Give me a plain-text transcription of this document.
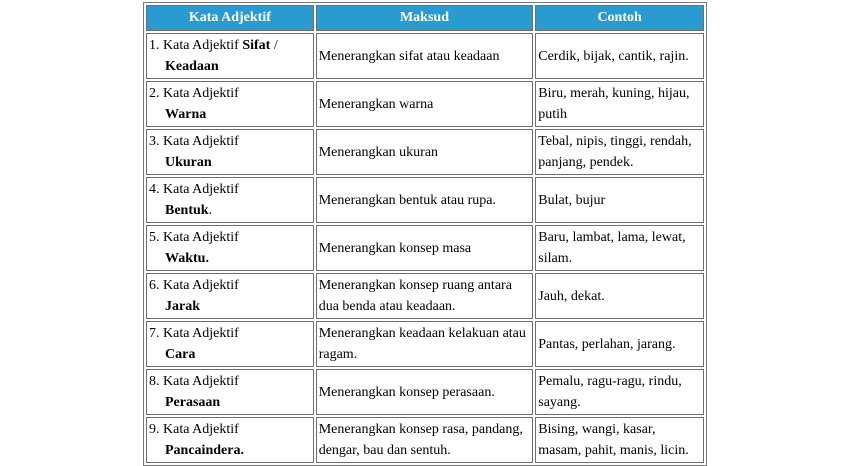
Kata Adjektif	Maksud	Contoh
1. Kata Adjektif Sifat /
Keadaan	Menerangkan sifat atau keadaan	Cerdik, bijak, cantik, rajin.
2. Kata Adjektif
Warna	Menerangkan warna	Biru, merah, kuning, hijau, putih
3. Kata Adjektif
Ukuran	Menerangkan ukuran	Tebal, nipis, tinggi, rendah, panjang, pendek.
4. Kata Adjektif
Bentuk.	Menerangkan bentuk atau rupa.	Bulat, bujur
5. Kata Adjektif
Waktu.	Menerangkan konsep masa	Baru, lambat, lama, lewat, silam.
6. Kata Adjektif
Jarak	Menerangkan konsep ruang antara dua benda atau keadaan.	Jauh, dekat.
7. Kata Adjektif
Cara	Menerangkan keadaan kelakuan atau ragam.	Pantas, perlahan, jarang.
8. Kata Adjektif
Perasaan	Menerangkan konsep perasaan.	Pemalu, ragu-ragu, rindu, sayang.
9. Kata Adjektif
Pancaindera.	Menerangkan konsep rasa, pandang, dengar, bau dan sentuh.	Bising, wangi, kasar, masam, pahit, manis, licin.
